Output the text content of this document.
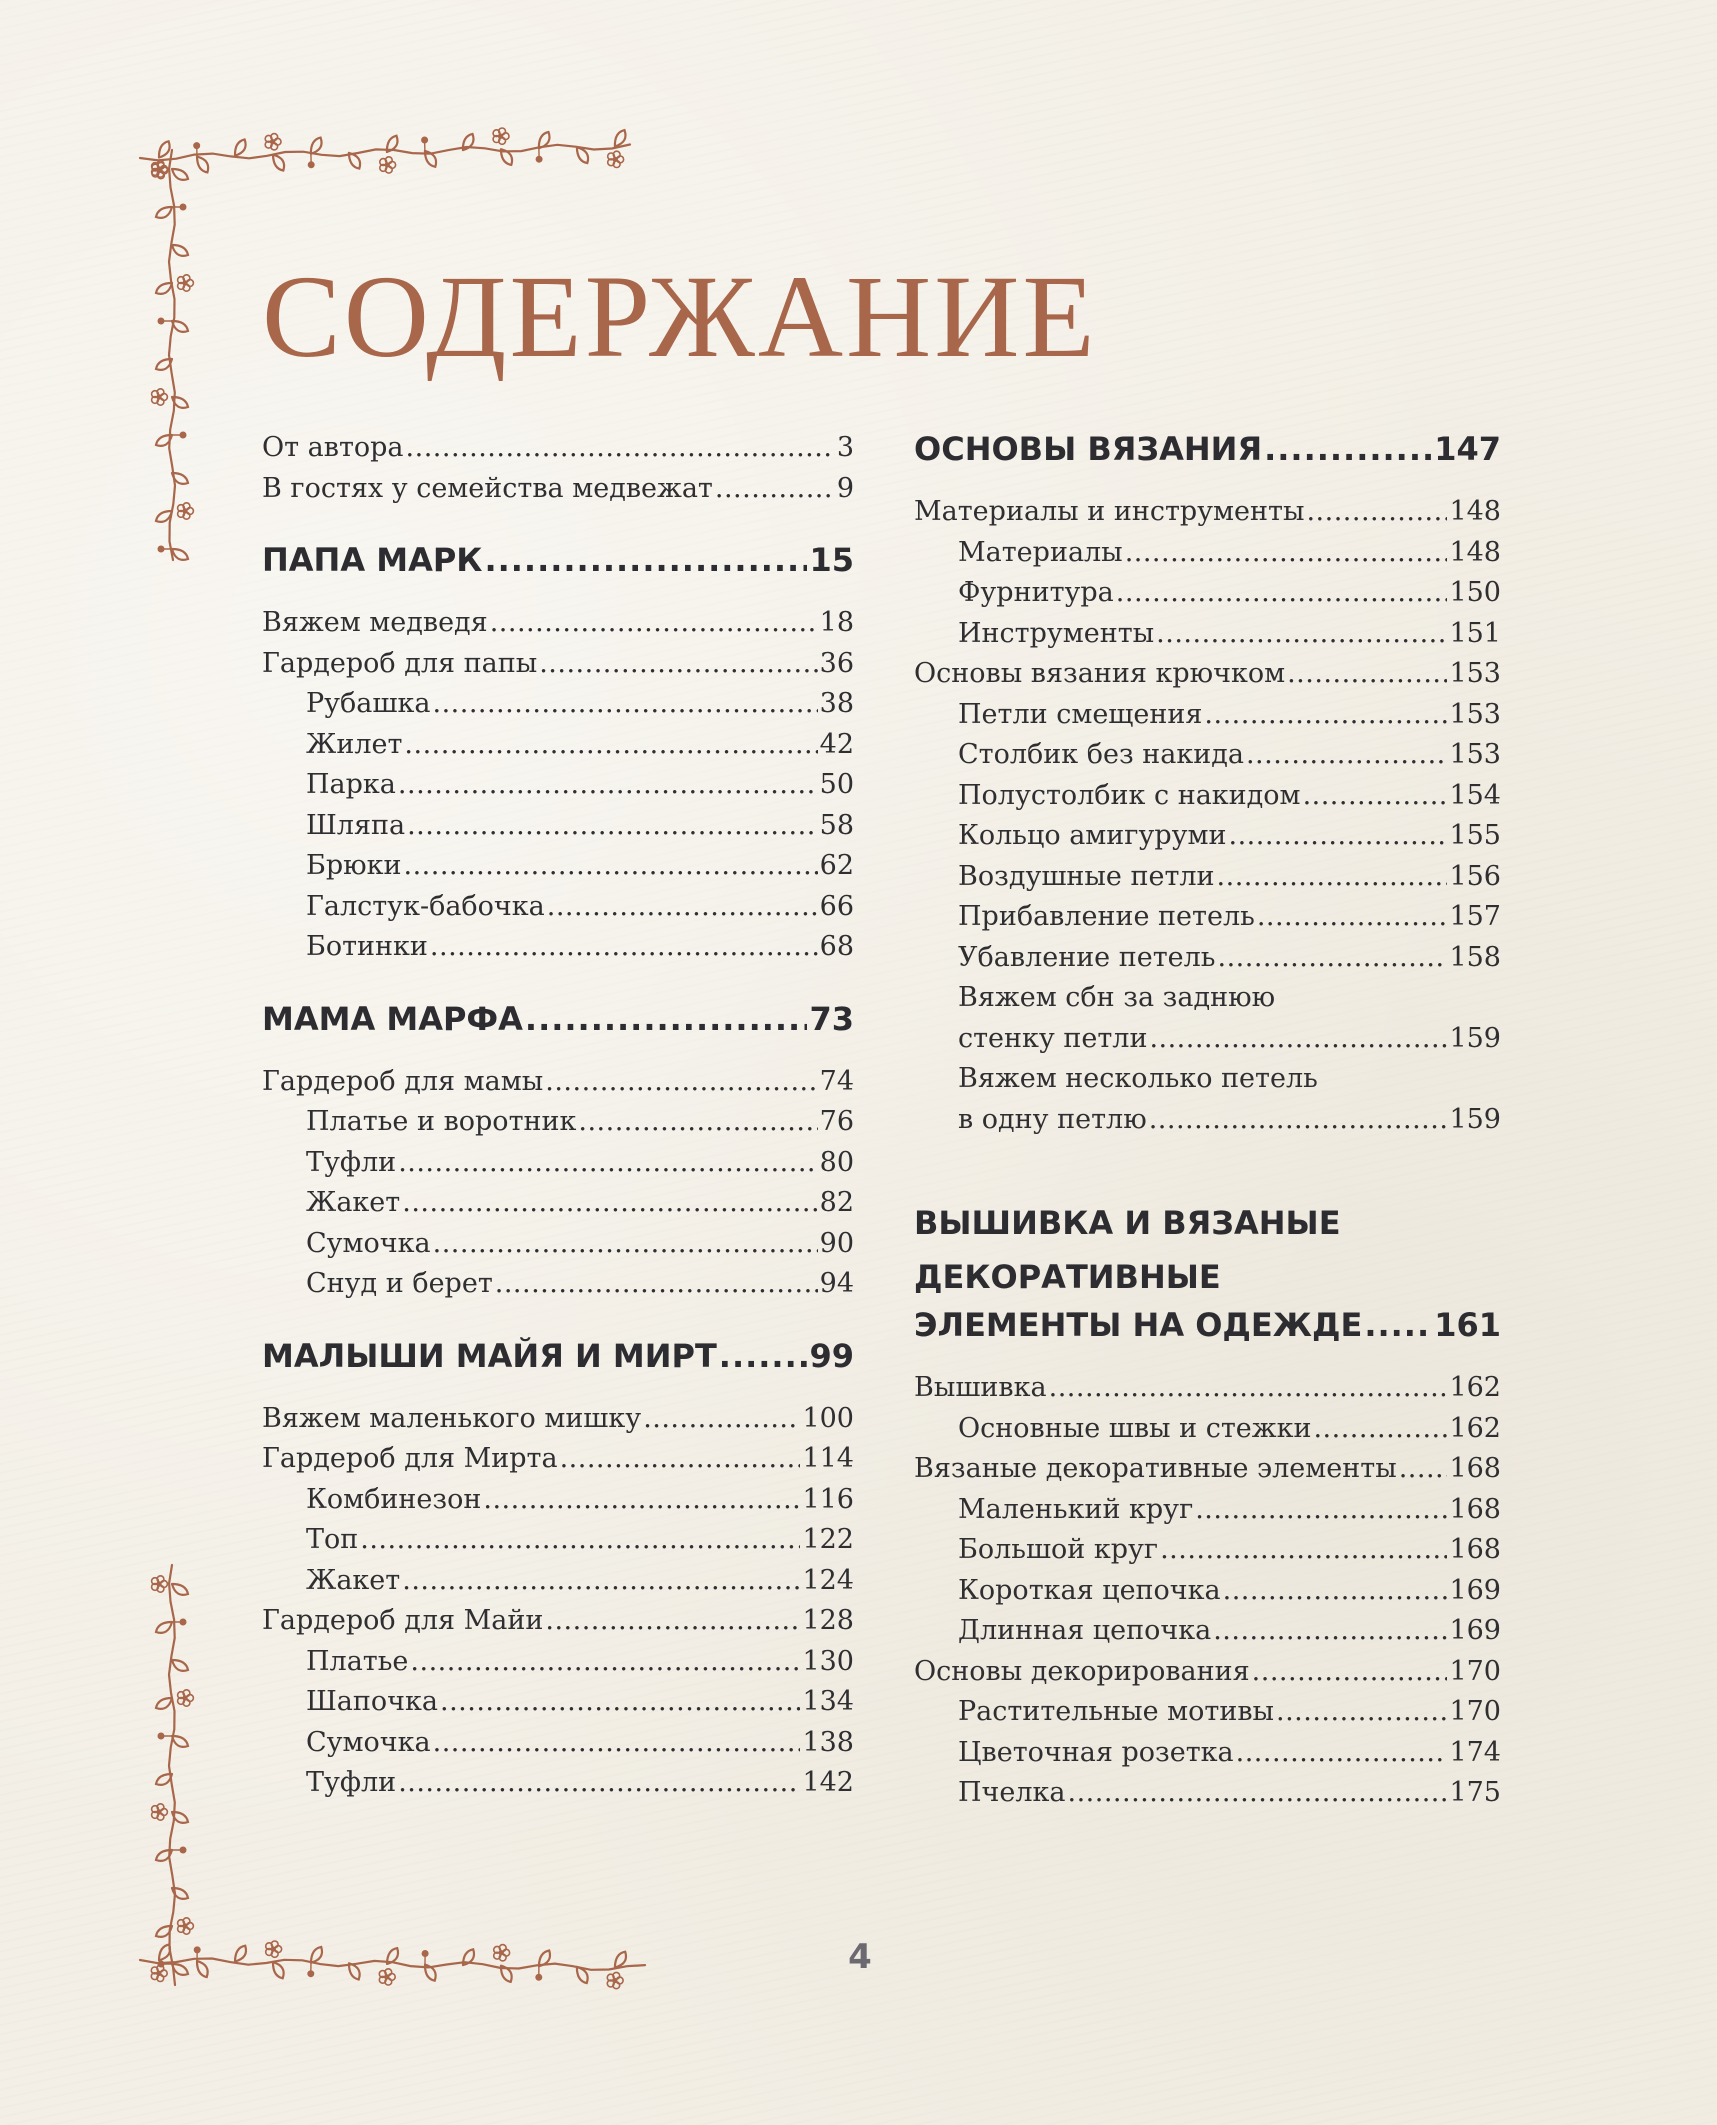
СОДЕРЖАНИЕ
От автора .....	3
В гостях у семейства медвежат .....	9
ПАПА МАРК .....	15
Вяжем медведя .....	18
Гардероб для папы .....	36
Рубашка .....	38
Жилет .....	42
Парка .....	50
Шляпа .....	58
Брюки .....	62
Галстук-бабочка .....	66
Ботинки .....	68
МАМА МАРФА .....	73
Гардероб для мамы .....	74
Платье и воротник .....	76
Туфли .....	80
Жакет .....	82
Сумочка .....	90
Снуд и берет .....	94
МАЛЫШИ МАЙЯ И МИРТ .....	99
Вяжем маленького мишку .....	100
Гардероб для Мирта .....	114
Комбинезон .....	116
Топ .....	122
Жакет .....	124
Гардероб для Майи .....	128
Платье .....	130
Шапочка .....	134
Сумочка .....	138
Туфли .....	142
ОСНОВЫ ВЯЗАНИЯ .....	147
Материалы и инструменты .....	148
Материалы .....	148
Фурнитура .....	150
Инструменты .....	151
Основы вязания крючком .....	153
Петли смещения .....	153
Столбик без накида .....	153
Полустолбик с накидом .....	154
Кольцо амигуруми .....	155
Воздушные петли .....	156
Прибавление петель .....	157
Убавление петель .....	158
Вяжем сбн за заднюю
стенку петли .....	159
Вяжем несколько петель
в одну петлю .....	159
ВЫШИВКА И ВЯЗАНЫЕ
ДЕКОРАТИВНЫЕ
ЭЛЕМЕНТЫ НА ОДЕЖДЕ ..... 161
Вышивка .....	162
Основные швы и стежки .....	162
Вязаные декоративные элементы ..... 168
Маленький круг .....	168
Большой круг .....	168
Короткая цепочка .....	169
Длинная цепочка .....	169
Основы декорирования .....	170
Растительные мотивы .....	170
Цветочная розетка .....	174
Пчелка .....	175
4
